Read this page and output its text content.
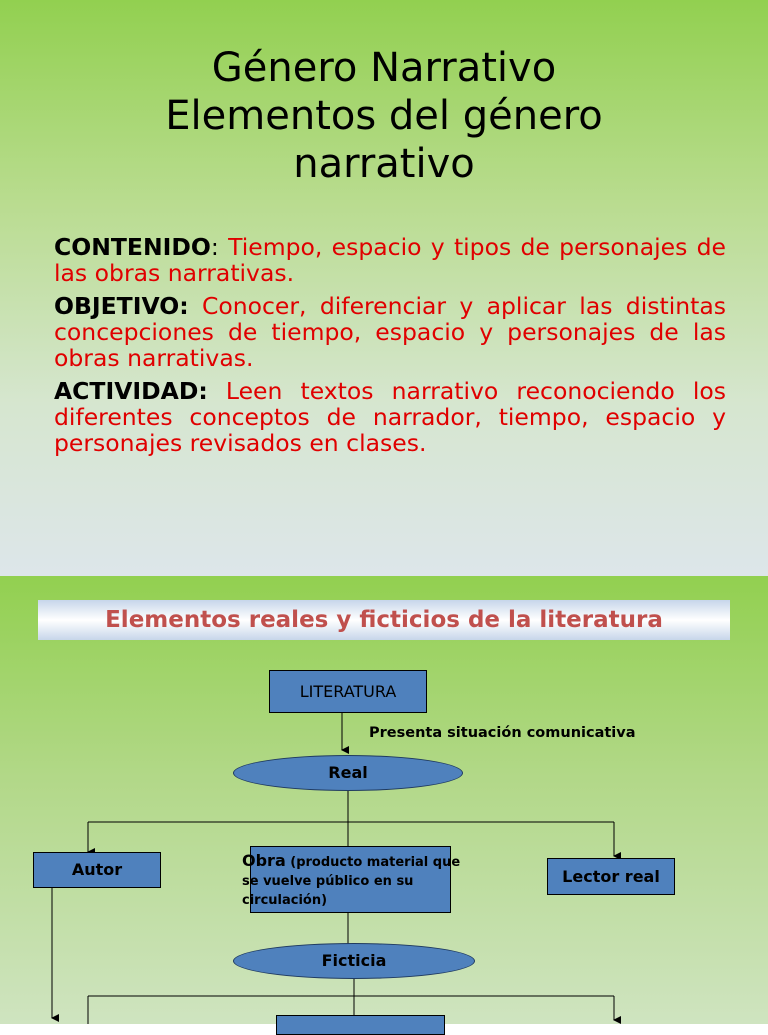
Género Narrativo
Elementos del género
narrativo

CONTENIDO: Tiempo, espacio y tipos de personajes de las obras narrativas.

OBJETIVO: Conocer, diferenciar y aplicar las distintas concepciones de tiempo, espacio y personajes de las obras narrativas.

ACTIVIDAD: Leen textos narrativo reconociendo los diferentes conceptos de narrador, tiempo, espacio y personajes revisados en clases.

Elementos reales y ficticios de la literatura
LITERATURA
Presenta situación comunicativa
Real
Autor	Obra (producto material que se vuelve público en su circulación)
Lector real
Ficticia
